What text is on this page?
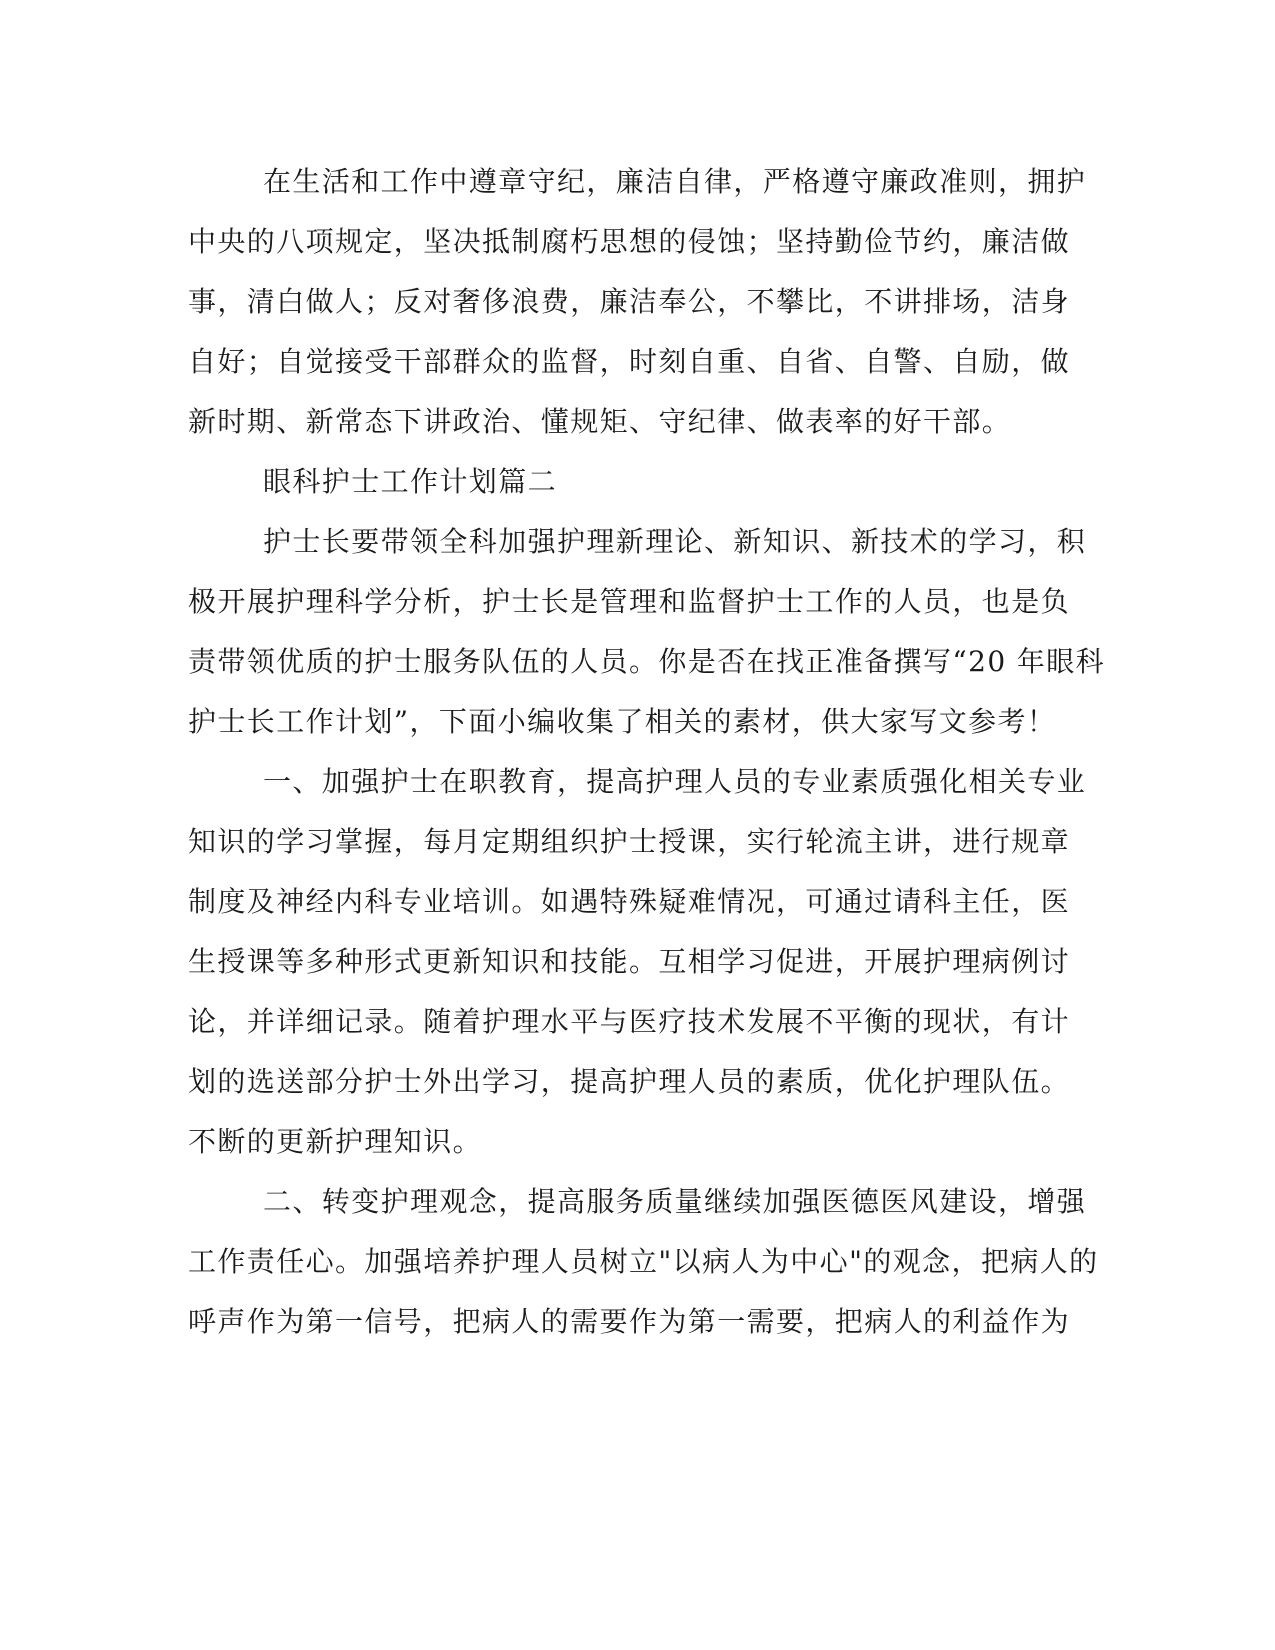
在生活和工作中遵章守纪，廉洁自律，严格遵守廉政准则，拥护
中央的八项规定，坚决抵制腐朽思想的侵蚀；坚持勤俭节约，廉洁做
事，清白做人；反对奢侈浪费，廉洁奉公，不攀比，不讲排场，洁身
自好；自觉接受干部群众的监督，时刻自重、自省、自警、自励，做
新时期、新常态下讲政治、懂规矩、守纪律、做表率的好干部。
眼科护士工作计划篇二
护士长要带领全科加强护理新理论、新知识、新技术的学习，积
极开展护理科学分析，护士长是管理和监督护士工作的人员，也是负
责带领优质的护士服务队伍的人员。你是否在找正准备撰写“20 年眼科
护士长工作计划”，下面小编收集了相关的素材，供大家写文参考！
一、加强护士在职教育，提高护理人员的专业素质强化相关专业
知识的学习掌握，每月定期组织护士授课，实行轮流主讲，进行规章
制度及神经内科专业培训。如遇特殊疑难情况，可通过请科主任，医
生授课等多种形式更新知识和技能。互相学习促进，开展护理病例讨
论，并详细记录。随着护理水平与医疗技术发展不平衡的现状，有计
划的选送部分护士外出学习，提高护理人员的素质，优化护理队伍。
不断的更新护理知识。
二、转变护理观念，提高服务质量继续加强医德医风建设，增强
工作责任心。加强培养护理人员树立"以病人为中心"的观念，把病人的
呼声作为第一信号，把病人的需要作为第一需要，把病人的利益作为
